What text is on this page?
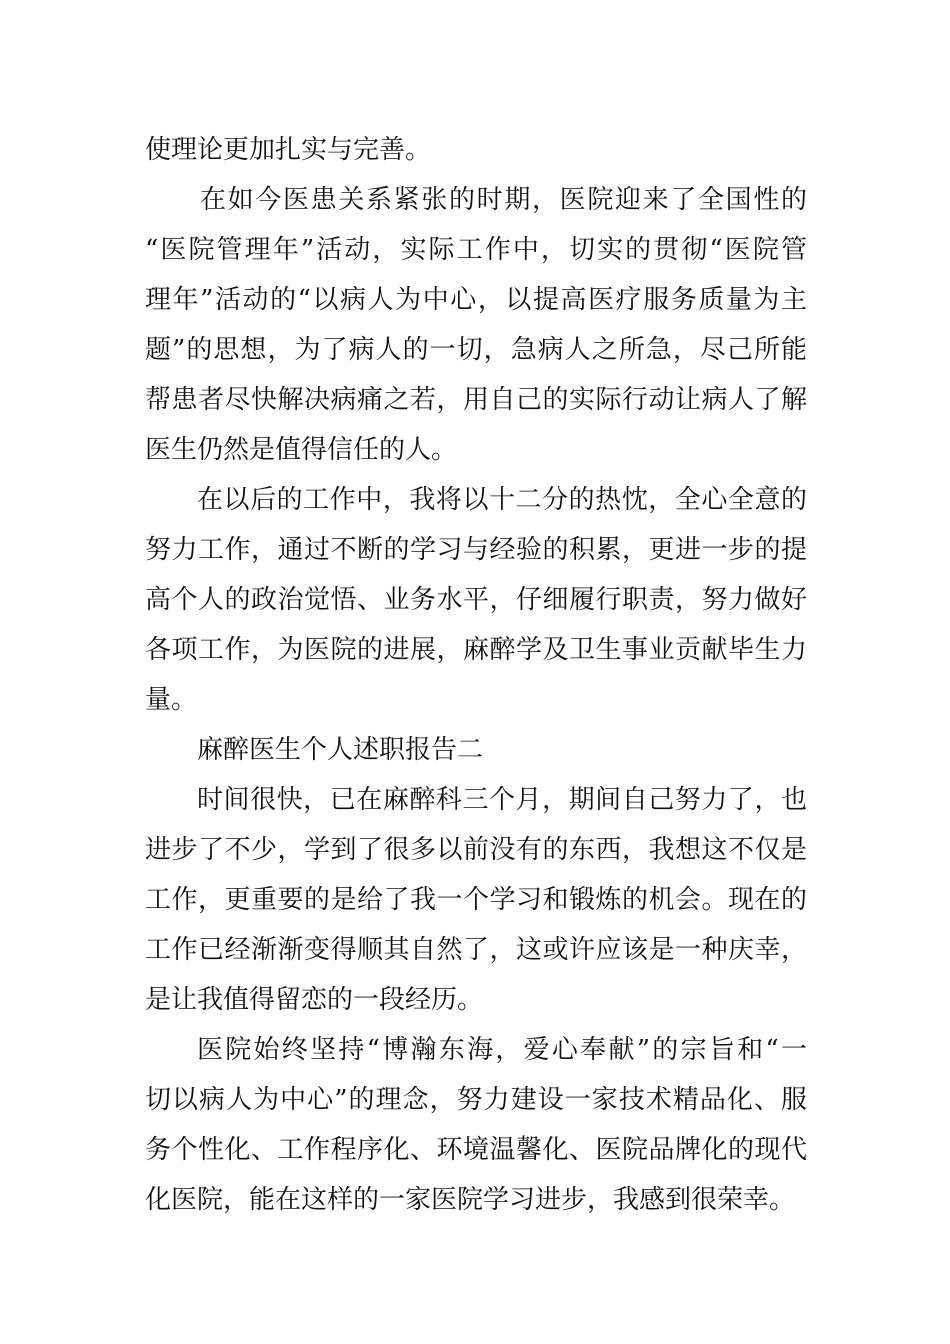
使理论更加扎实与完善。

在如今医患关系紧张的时期，医院迎来了全国性的

“医院管理年”活动，实际工作中，切实的贯彻“医院管

理年”活动的“以病人为中心，以提高医疗服务质量为主

题”的思想，为了病人的一切，急病人之所急，尽己所能

帮患者尽快解决病痛之若，用自己的实际行动让病人了解

医生仍然是值得信任的人。

在以后的工作中，我将以十二分的热忱，全心全意的

努力工作，通过不断的学习与经验的积累，更进一步的提

高个人的政治觉悟、业务水平，仔细履行职责，努力做好

各项工作，为医院的进展，麻醉学及卫生事业贡献毕生力

量。

麻醉医生个人述职报告二

时间很快，已在麻醉科三个月，期间自己努力了，也

进步了不少，学到了很多以前没有的东西，我想这不仅是

工作，更重要的是给了我一个学习和锻炼的机会。现在的

工作已经渐渐变得顺其自然了，这或许应该是一种庆幸，

是让我值得留恋的一段经历。

医院始终坚持“博瀚东海，爱心奉献”的宗旨和“一

切以病人为中心”的理念，努力建设一家技术精品化、服

务个性化、工作程序化、环境温馨化、医院品牌化的现代

化医院，能在这样的一家医院学习进步，我感到很荣幸。
